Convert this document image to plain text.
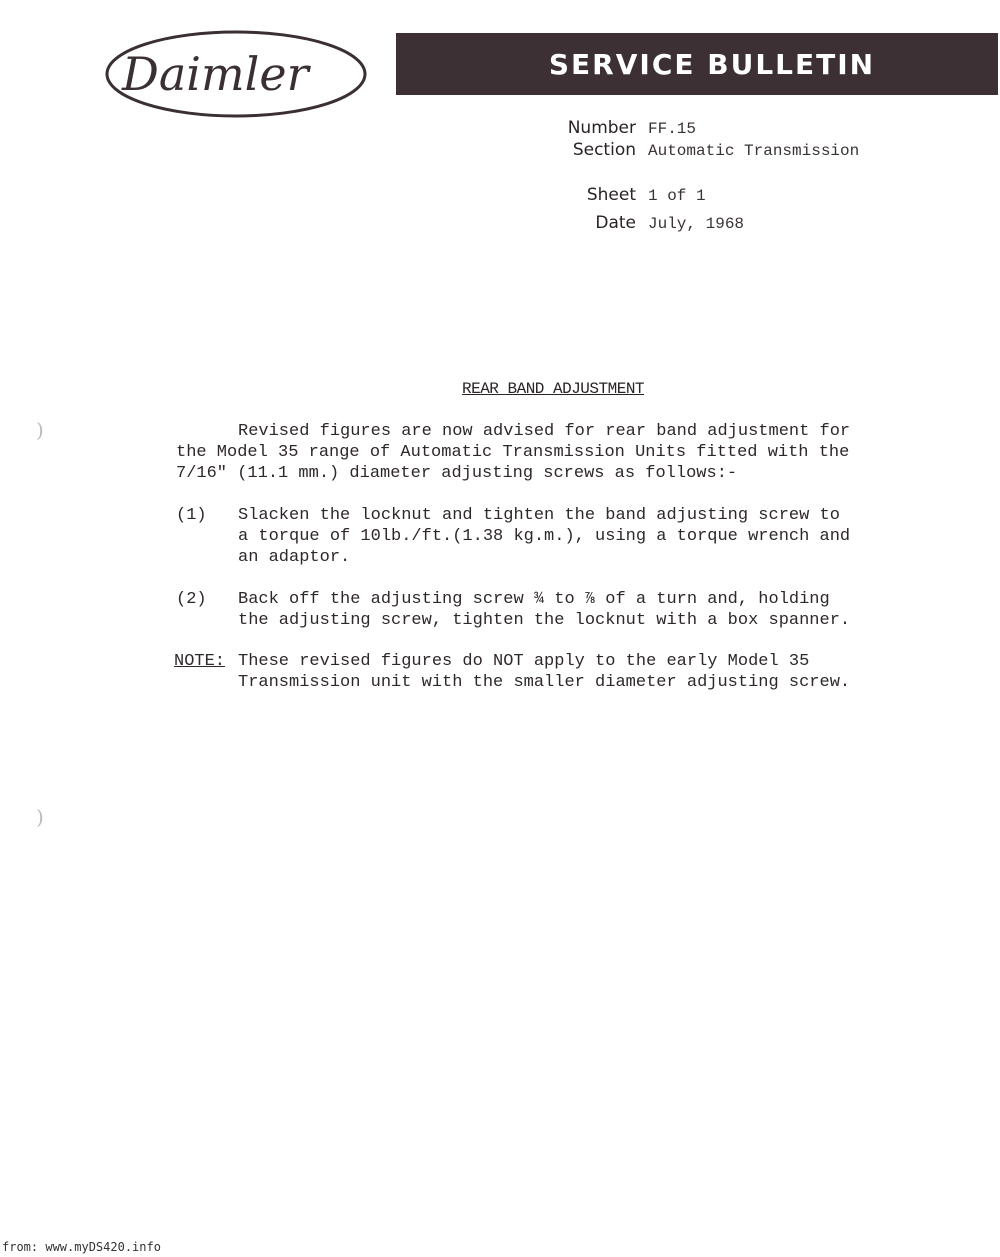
Daimler	SERVICE BULLETIN
Number FF.15
Section Automatic Transmission
Sheet 1 of 1
Date July, 1968
REAR BAND ADJUSTMENT
Revised figures are now advised for rear band adjustment for
the Model 35 range of Automatic Transmission Units fitted with the
7/16" (11.1 mm.) diameter adjusting screws as follows:-
(1) Slacken the locknut and tighten the band adjusting screw to
a torque of 10lb./ft.(1.38 kg.m.), using a torque wrench and
an adaptor.
(2) Back off the adjusting screw ¾ to ⅞ of a turn and, holding
the adjusting screw, tighten the locknut with a box spanner.
NOTE: These revised figures do NOT apply to the early Model 35
Transmission unit with the smaller diameter adjusting screw.
)
)
from: www.myDS420.info
